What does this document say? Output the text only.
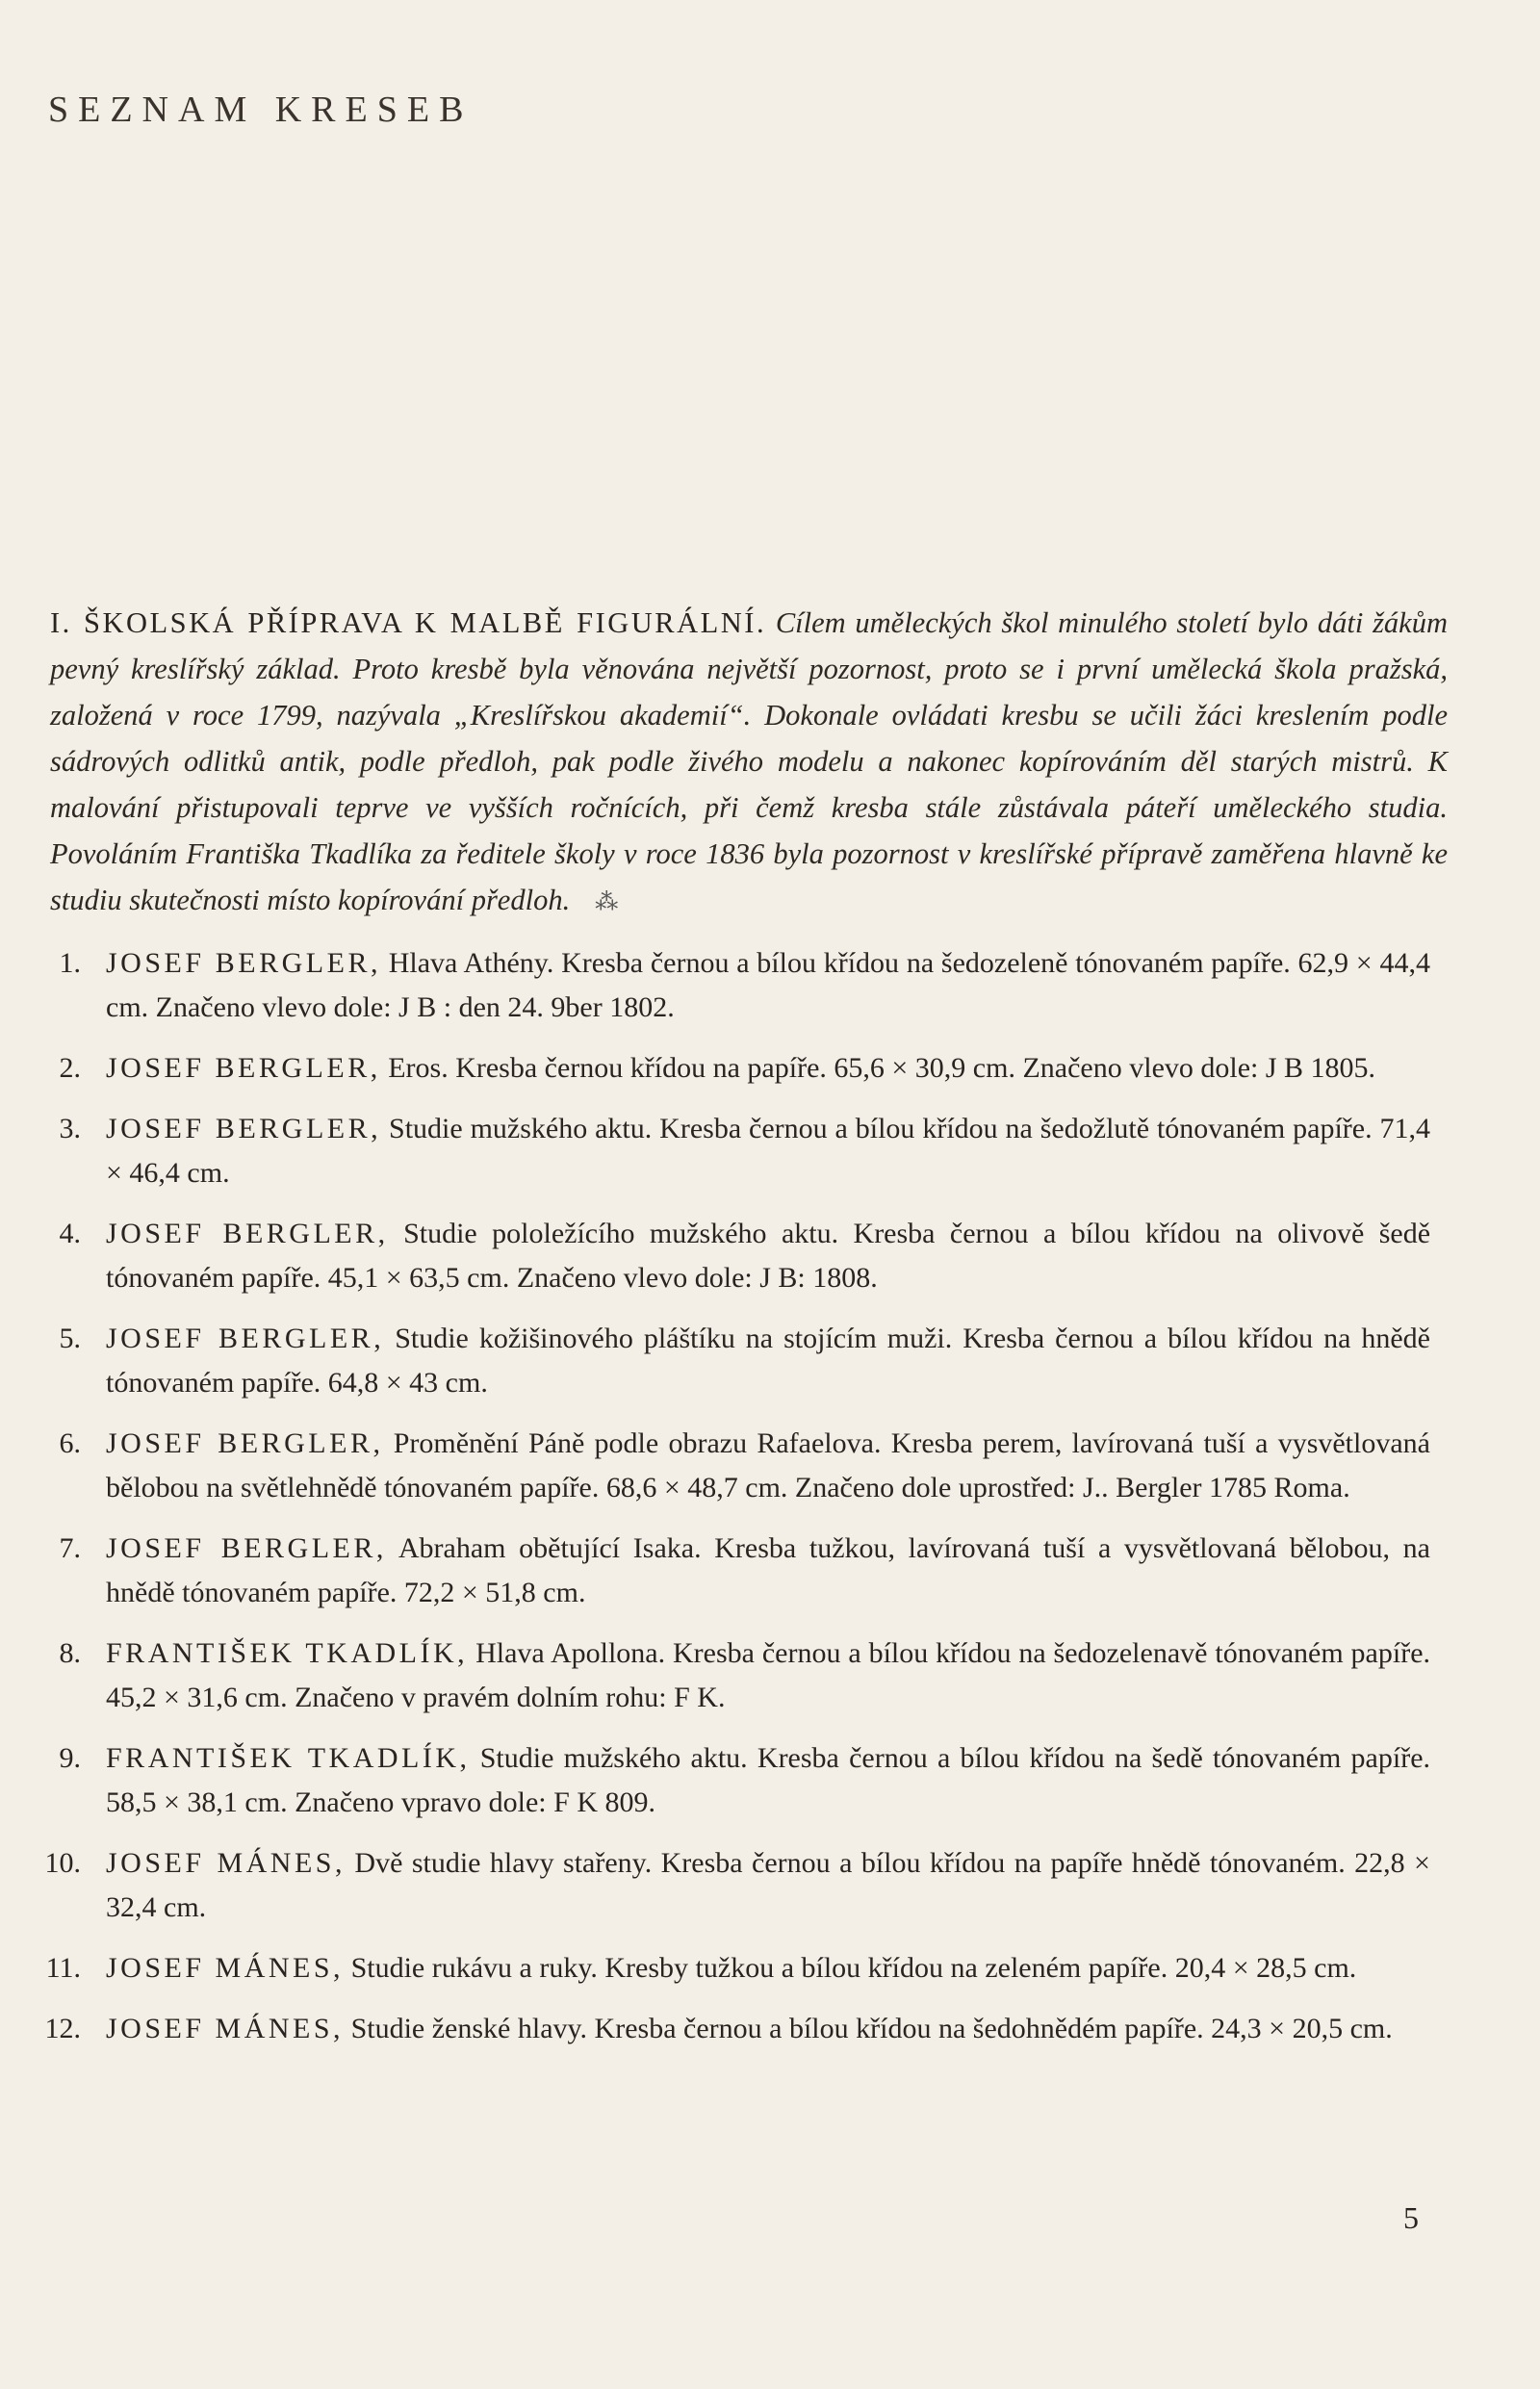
SEZNAM KRESEB

I. ŠKOLSKÁ PŘÍPRAVA K MALBĚ FIGURÁLNÍ. Cílem uměleckých škol minulého století bylo dáti žákům pevný kreslířský základ. Proto kresbě byla věnována největší pozornost, proto se i první umělecká škola pražská, založená v roce 1799, nazývala „Kreslířskou akademií“. Dokonale ovládati kresbu se učili žáci kreslením podle sádrových odlitků antik, podle předloh, pak podle živého modelu a nakonec kopírováním děl starých mistrů. K malování přistupovali teprve ve vyšších ročnících, při čemž kresba stále zůstávala páteří uměleckého studia. Povoláním Františka Tkadlíka za ředitele školy v roce 1836 byla pozornost v kreslířské přípravě zaměřena hlavně ke studiu skutečnosti místo kopírování předloh. ⁂

1. JOSEF BERGLER, Hlava Athény. Kresba černou a bílou křídou na šedozeleně tónovaném papíře. 62,9 × 44,4 cm. Značeno vlevo dole: J B : den 24. 9ber 1802.
2. JOSEF BERGLER, Eros. Kresba černou křídou na papíře. 65,6 × 30,9 cm. Značeno vlevo dole: J B 1805.
3. JOSEF BERGLER, Studie mužského aktu. Kresba černou a bílou křídou na šedožlutě tónovaném papíře. 71,4 × 46,4 cm.
4. JOSEF BERGLER, Studie pololežícího mužského aktu. Kresba černou a bílou křídou na olivově šedě tónovaném papíře. 45,1 × 63,5 cm. Značeno vlevo dole: J B: 1808.
5. JOSEF BERGLER, Studie kožišinového pláštíku na stojícím muži. Kresba černou a bílou křídou na hnědě tónovaném papíře. 64,8 × 43 cm.
6. JOSEF BERGLER, Proměnění Páně podle obrazu Rafaelova. Kresba perem, lavírovaná tuší a vysvětlovaná bělobou na světlehnědě tónovaném papíře. 68,6 × 48,7 cm. Značeno dole uprostřed: J.. Bergler 1785 Roma.
7. JOSEF BERGLER, Abraham obětující Isaka. Kresba tužkou, lavírovaná tuší a vysvětlovaná bělobou, na hnědě tónovaném papíře. 72,2 × 51,8 cm.
8. FRANTIŠEK TKADLÍK, Hlava Apollona. Kresba černou a bílou křídou na šedozelenavě tónovaném papíře. 45,2 × 31,6 cm. Značeno v pravém dolním rohu: F K.
9. FRANTIŠEK TKADLÍK, Studie mužského aktu. Kresba černou a bílou křídou na šedě tónovaném papíře. 58,5 × 38,1 cm. Značeno vpravo dole: F K 809.
10. JOSEF MÁNES, Dvě studie hlavy stařeny. Kresba černou a bílou křídou na papíře hnědě tónovaném. 22,8 × 32,4 cm.
11. JOSEF MÁNES, Studie rukávu a ruky. Kresby tužkou a bílou křídou na zeleném papíře. 20,4 × 28,5 cm.
12. JOSEF MÁNES, Studie ženské hlavy. Kresba černou a bílou křídou na šedohnědém papíře. 24,3 × 20,5 cm.
5
